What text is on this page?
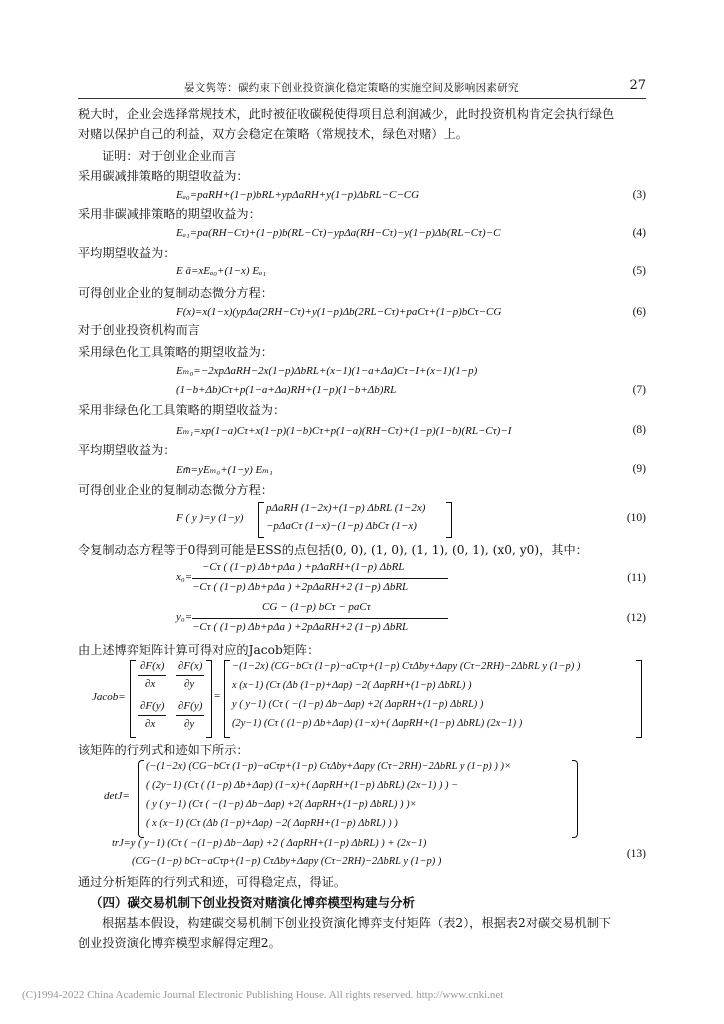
晏文隽等：碳约束下创业投资演化稳定策略的实施空间及影响因素研究	27
税大时，企业会选择常规技术，此时被征收碳税使得项目总利润减少，此时投资机构肯定会执行绿色
对赌以保护自己的利益，双方会稳定在策略（常规技术，绿色对赌）上。
证明：对于创业企业而言
采用碳减排策略的期望收益为：
Eₐ₀=paRH+(1−p)bRL+ypΔaRH+y(1−p)ΔbRL−C−CG	(3)
采用非碳减排策略的期望收益为：
Eₐ₁=pa(RH−Cτ)+(1−p)b(RL−Cτ)−ypΔa(RH−Cτ)−y(1−p)Δb(RL−Cτ)−C	(4)
平均期望收益为：
E ā=xEₐ₀+(1−x) Eₐ₁	(5)
可得创业企业的复制动态微分方程：
F(x)=x(1−x)(ypΔa(2RH−Cτ)+y(1−p)Δb(2RL−Cτ)+paCτ+(1−p)bCτ−CG	(6)
对于创业投资机构而言
采用绿色化工具策略的期望收益为：
Eₘ₀=−2xpΔaRH−2x(1−p)ΔbRL+(x−1)(1−a+Δa)Cτ−I+(x−1)(1−p)
(1−b+Δb)Cτ+p(1−a+Δa)RH+(1−p)(1−b+Δb)RL	(7)
采用非绿色化工具策略的期望收益为：
Eₘ₁=xp(1−a)Cτ+x(1−p)(1−b)Cτ+p(1−a)(RH−Cτ)+(1−p)(1−b)(RL−Cτ)−I	(8)
平均期望收益为：
Em̄=yEₘ₀+(1−y) Eₘ₁	(9)
可得创业企业的复制动态微分方程：
F ( y )=y (1−y)
pΔaRH (1−2x)+(1−p) ΔbRL (1−2x)
−pΔaCτ (1−x)−(1−p) ΔbCτ (1−x)
(10)
令复制动态方程等于0得到可能是ESS的点包括(0, 0), (1, 0), (1, 1), (0, 1), (x0, y0)，其中：
x₀=
−Cτ ( (1−p) Δb+pΔa ) +pΔaRH+(1−p) ΔbRL
−Cτ ( (1−p) Δb+pΔa ) +2pΔaRH+2 (1−p) ΔbRL
(11)
y₀=
CG − (1−p) bCτ − paCτ
−Cτ ( (1−p) Δb+pΔa ) +2pΔaRH+2 (1−p) ΔbRL
(12)
由上述博弈矩阵计算可得对应的Jacob矩阵：
Jacob=
∂F(x)
∂x
∂F(x)
∂y
∂F(y)
∂x
∂F(y)
∂y
=
−(1−2x) (CG−bCτ (1−p)−aCτp+(1−p) CτΔby+Δapy (Cτ−2RH)−2ΔbRL y (1−p) )
x (x−1) (Cτ (Δb (1−p)+Δap) −2( ΔapRH+(1−p) ΔbRL) )
y ( y−1) (Cτ ( −(1−p) Δb−Δap) +2( ΔapRH+(1−p) ΔbRL) )
(2y−1) (Cτ ( (1−p) Δb+Δap) (1−x)+( ΔapRH+(1−p) ΔbRL) (2x−1) )
该矩阵的行列式和迹如下所示：
detJ=
(−(1−2x) (CG−bCτ (1−p)−aCτp+(1−p) CτΔby+Δapy (Cτ−2RH)−2ΔbRL y (1−p) ) )×
( (2y−1) (Cτ ( (1−p) Δb+Δap) (1−x)+( ΔapRH+(1−p) ΔbRL) (2x−1) ) ) −
( y ( y−1) (Cτ ( −(1−p) Δb−Δap) +2( ΔapRH+(1−p) ΔbRL) ) )×
( x (x−1) (Cτ (Δb (1−p)+Δap) −2( ΔapRH+(1−p) ΔbRL) ) )
trJ=y ( y−1) (Cτ ( −(1−p) Δb−Δap) +2 ( ΔapRH+(1−p) ΔbRL) ) + (2x−1)
(CG−(1−p) bCτ−aCτp+(1−p) CτΔby+Δapy (Cτ−2RH)−2ΔbRL y (1−p) )
(13)
通过分析矩阵的行列式和迹，可得稳定点，得证。
（四）碳交易机制下创业投资对赌演化博弈模型构建与分析
根据基本假设，构建碳交易机制下创业投资演化博弈支付矩阵（表2），根据表2对碳交易机制下
创业投资演化博弈模型求解得定理2。
(C)1994-2022 China Academic Journal Electronic Publishing House. All rights reserved. http://www.cnki.net
